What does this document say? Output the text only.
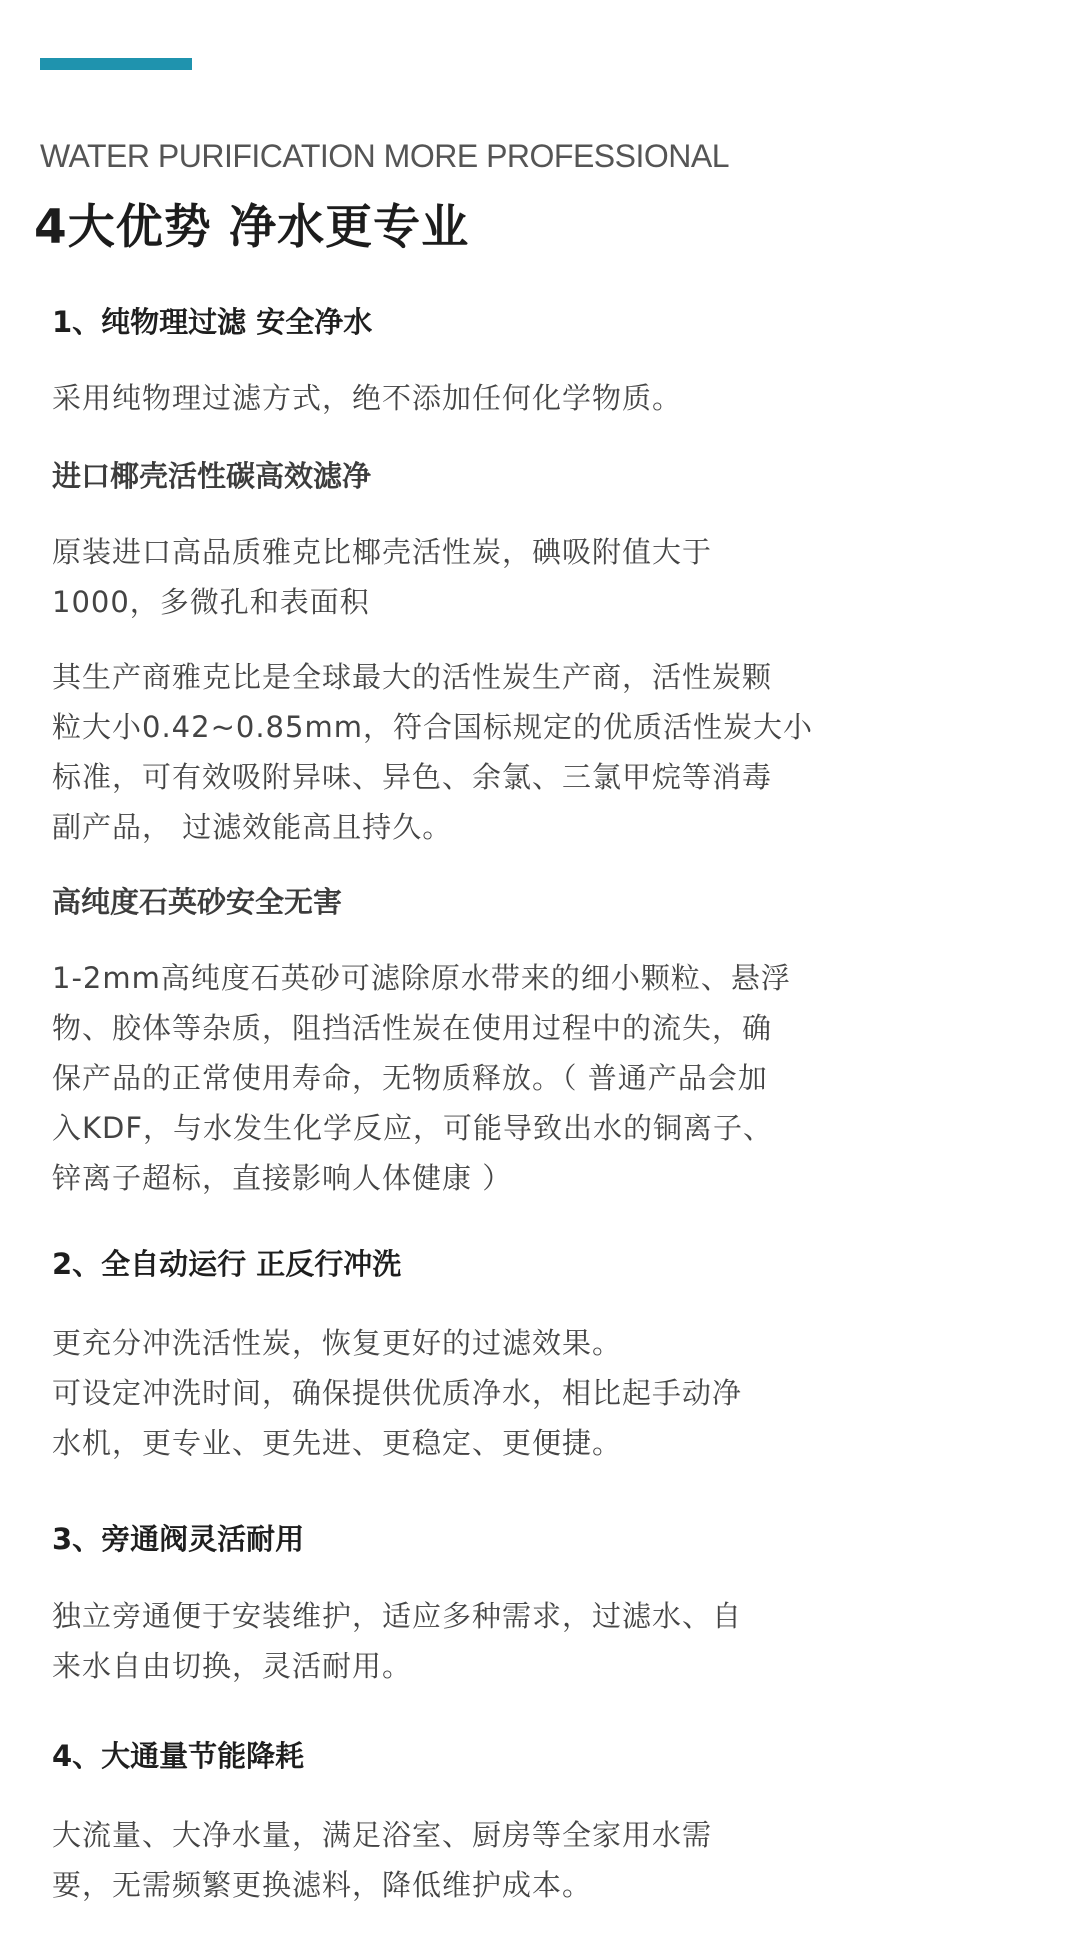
WATER PURIFICATION MORE PROFESSIONAL
4大优势 净水更专业
1、纯物理过滤 安全净水
采用纯物理过滤方式，绝不添加任何化学物质。
进口椰壳活性碳高效滤净
原装进口高品质雅克比椰壳活性炭，碘吸附值大于
1000，多微孔和表面积
其生产商雅克比是全球最大的活性炭生产商，活性炭颗
粒大小0.42~0.85mm，符合国标规定的优质活性炭大小
标准，可有效吸附异味、异色、余氯、三氯甲烷等消毒
副产品， 过滤效能高且持久。
高纯度石英砂安全无害
1-2mm高纯度石英砂可滤除原水带来的细小颗粒、悬浮
物、胶体等杂质，阻挡活性炭在使用过程中的流失，确
保产品的正常使用寿命，无物质释放。（ 普通产品会加
入KDF，与水发生化学反应，可能导致出水的铜离子、
锌离子超标，直接影响人体健康 ）
2、全自动运行 正反行冲洗
更充分冲洗活性炭，恢复更好的过滤效果。
可设定冲洗时间，确保提供优质净水，相比起手动净
水机，更专业、更先进、更稳定、更便捷。
3、旁通阀灵活耐用
独立旁通便于安装维护，适应多种需求，过滤水、自
来水自由切换，灵活耐用。
4、大通量节能降耗
大流量、大净水量，满足浴室、厨房等全家用水需
要，无需频繁更换滤料，降低维护成本。
